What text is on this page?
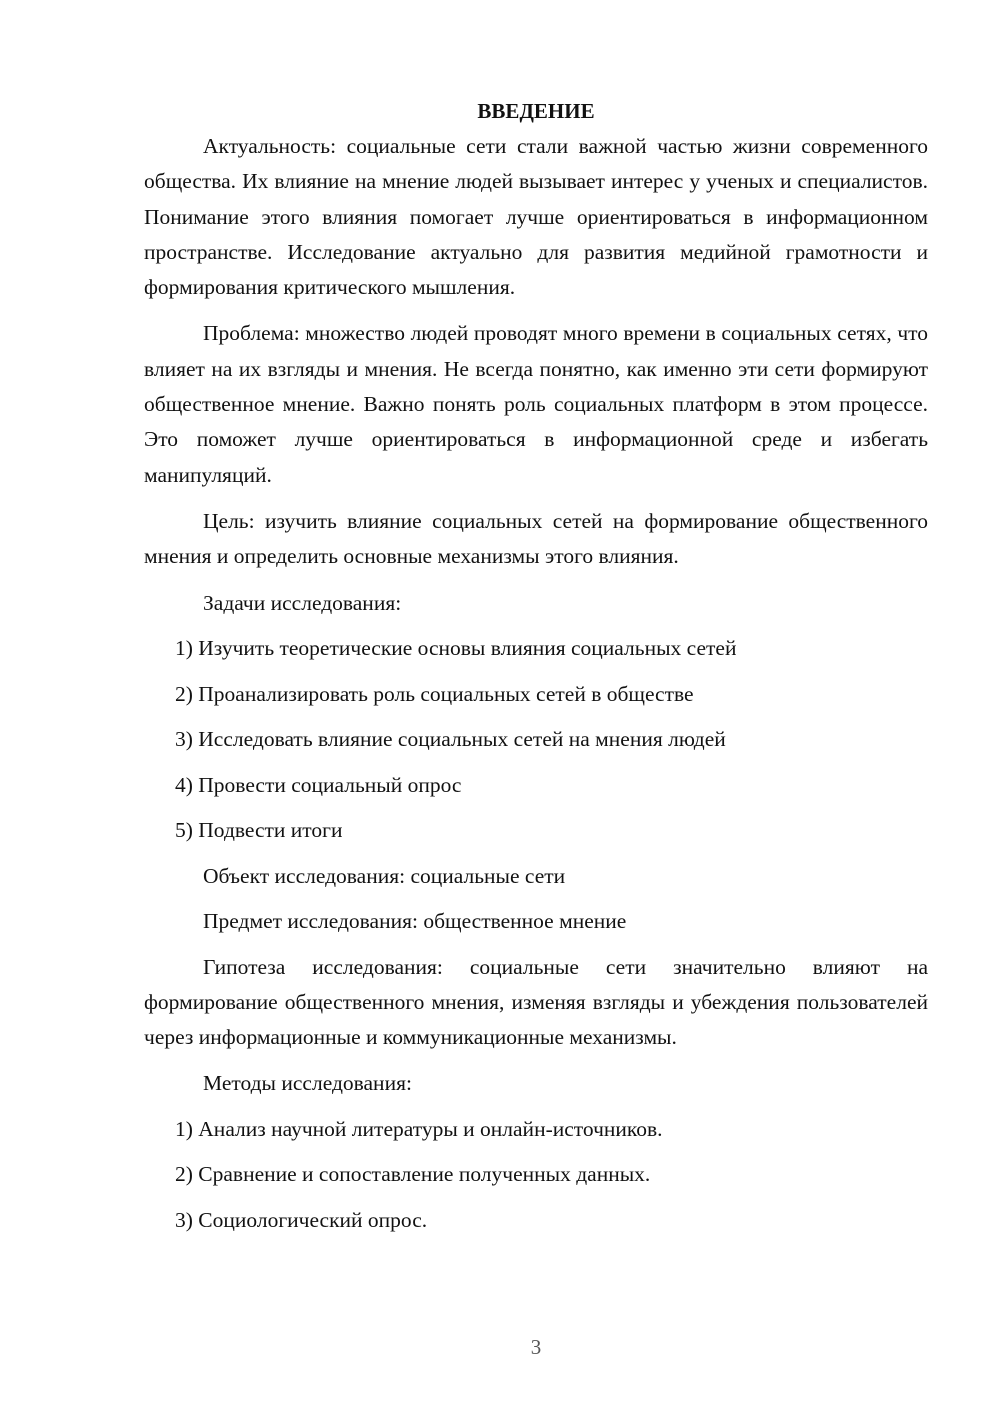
ВВЕДЕНИЕ

Актуальность: социальные сети стали важной частью жизни современного общества. Их влияние на мнение людей вызывает интерес у ученых и специалистов. Понимание этого влияния помогает лучше ориентироваться в информационном пространстве. Исследование актуально для развития медийной грамотности и формирования критического мышления.

Проблема: множество людей проводят много времени в социальных сетях, что влияет на их взгляды и мнения. Не всегда понятно, как именно эти сети формируют общественное мнение. Важно понять роль социальных платформ в этом процессе. Это поможет лучше ориентироваться в информационной среде и избегать манипуляций.

Цель: изучить влияние социальных сетей на формирование общественного мнения и определить основные механизмы этого влияния.

Задачи исследования:

1) Изучить теоретические основы влияния социальных сетей

2) Проанализировать роль социальных сетей в обществе

3) Исследовать влияние социальных сетей на мнения людей

4) Провести социальный опрос

5) Подвести итоги

Объект исследования: социальные сети

Предмет исследования: общественное мнение

Гипотеза исследования: социальные сети значительно влияют на формирование общественного мнения, изменяя взгляды и убеждения пользователей через информационные и коммуникационные механизмы.

Методы исследования:

1) Анализ научной литературы и онлайн-источников.

2) Сравнение и сопоставление полученных данных.

3) Социологический опрос.

3
